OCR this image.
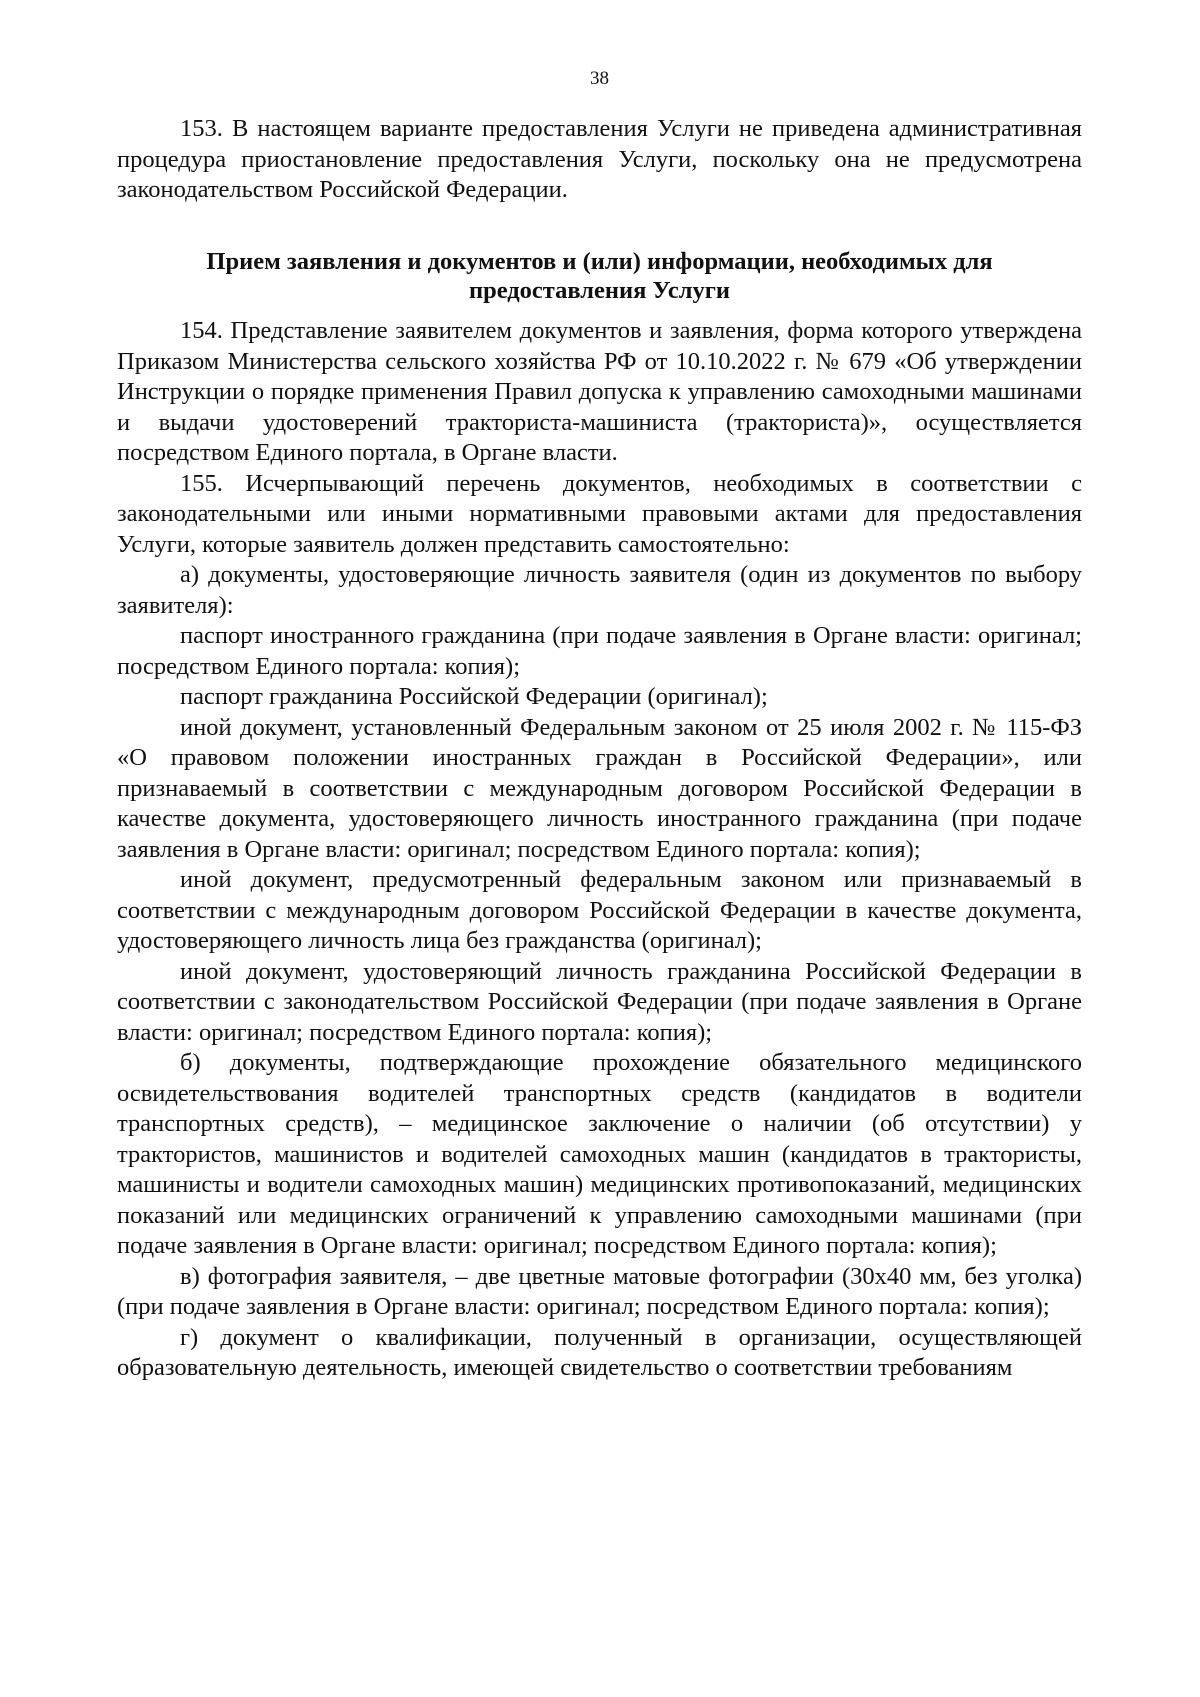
38

153. В настоящем варианте предоставления Услуги не приведена административная процедура приостановление предоставления Услуги, поскольку она не предусмотрена законодательством Российской Федерации.

Прием заявления и документов и (или) информации, необходимых для
предоставления Услуги

154. Представление заявителем документов и заявления, форма которого утверждена Приказом Министерства сельского хозяйства РФ от 10.10.2022 г. № 679 «Об утверждении Инструкции о порядке применения Правил допуска к управлению самоходными машинами и выдачи удостоверений тракториста-машиниста (тракториста)», осуществляется посредством Единого портала, в Органе власти.

155. Исчерпывающий перечень документов, необходимых в соответствии с законодательными или иными нормативными правовыми актами для предоставления Услуги, которые заявитель должен представить самостоятельно:

а) документы, удостоверяющие личность заявителя (один из документов по выбору заявителя):

паспорт иностранного гражданина (при подаче заявления в Органе власти: оригинал; посредством Единого портала: копия);

паспорт гражданина Российской Федерации (оригинал);

иной документ, установленный Федеральным законом от 25 июля 2002 г. № 115-ФЗ «О правовом положении иностранных граждан в Российской Федерации», или признаваемый в соответствии с международным договором Российской Федерации в качестве документа, удостоверяющего личность иностранного гражданина (при подаче заявления в Органе власти: оригинал; посредством Единого портала: копия);

иной документ, предусмотренный федеральным законом или признаваемый в соответствии с международным договором Российской Федерации в качестве документа, удостоверяющего личность лица без гражданства (оригинал);

иной документ, удостоверяющий личность гражданина Российской Федерации в соответствии с законодательством Российской Федерации (при подаче заявления в Органе власти: оригинал; посредством Единого портала: копия);

б) документы, подтверждающие прохождение обязательного медицинского освидетельствования водителей транспортных средств (кандидатов в водители транспортных средств), – медицинское заключение о наличии (об отсутствии) у трактористов, машинистов и водителей самоходных машин (кандидатов в трактористы, машинисты и водители самоходных машин) медицинских противопоказаний, медицинских показаний или медицинских ограничений к управлению самоходными машинами (при подаче заявления в Органе власти: оригинал; посредством Единого портала: копия);

в) фотография заявителя, – две цветные матовые фотографии (30x40 мм, без уголка) (при подаче заявления в Органе власти: оригинал; посредством Единого портала: копия);

г) документ о квалификации, полученный в организации, осуществляющей образовательную деятельность, имеющей свидетельство о соответствии требованиям
